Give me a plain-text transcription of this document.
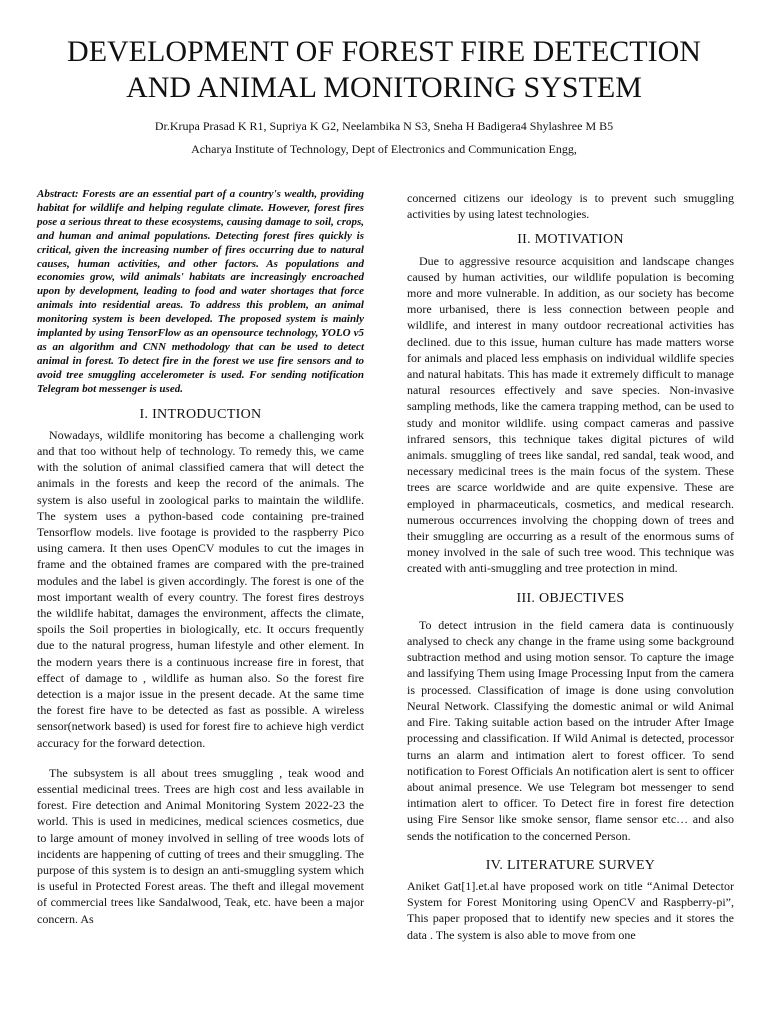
DEVELOPMENT OF FOREST FIRE DETECTION
AND ANIMAL MONITORING SYSTEM
Dr.Krupa Prasad K R1, Supriya K G2, Neelambika N S3, Sneha H Badigera4 Shylashree M B5
Acharya Institute of Technology, Dept of Electronics and Communication Engg,

Abstract: Forests are an essential part of a country's wealth, providing habitat for wildlife and helping regulate climate. However, forest fires pose a serious threat to these ecosystems, causing damage to soil, crops, and human and animal populations. Detecting forest fires quickly is critical, given the increasing number of fires occurring due to natural causes, human activities, and other factors. As populations and economies grow, wild animals' habitats are increasingly encroached upon by development, leading to food and water shortages that force animals into residential areas. To address this problem, an animal monitoring system is been developed. The proposed system is mainly implanted by using TensorFlow as an opensource technology, YOLO v5 as an algorithm and CNN methodology that can be used to detect animal in forest. To detect fire in the forest we use fire sensors and to avoid tree smuggling accelerometer is used. For sending notification Telegram bot messenger is used.

I. INTRODUCTION

Nowadays, wildlife monitoring has become a challenging work and that too without help of technology. To remedy this, we came with the solution of animal classified camera that will detect the animals in the forests and keep the record of the animals. The system is also useful in zoological parks to maintain the wildlife. The system uses a python-based code containing pre-trained Tensorflow models. live footage is provided to the raspberry Pico using camera. It then uses OpenCV modules to cut the images in frame and the obtained frames are compared with the pre-trained modules and the label is given accordingly. The forest is one of the most important wealth of every country. The forest fires destroys the wildlife habitat, damages the environment, affects the climate, spoils the Soil properties in biologically, etc. It occurs frequently due to the natural progress, human lifestyle and other element. In the modern years there is a continuous increase fire in forest, that effect of damage to , wildlife as human also. So the forest fire detection is a major issue in the present decade. At the same time the forest fire have to be detected as fast as possible. A wireless sensor(network based) is used for forest fire to achieve high verdict accuracy for the forward detection.

The subsystem is all about trees smuggling , teak wood and essential medicinal trees. Trees are high cost and less available in forest. Fire detection and Animal Monitoring System 2022-23 the world. This is used in medicines, medical sciences cosmetics, due to large amount of money involved in selling of tree woods lots of incidents are happening of cutting of trees and their smuggling. The purpose of this system is to design an anti-smuggling system which is useful in Protected Forest areas. The theft and illegal movement of commercial trees like Sandalwood, Teak, etc. have been a major concern. As

concerned citizens our ideology is to prevent such smuggling activities by using latest technologies.

II. MOTIVATION

Due to aggressive resource acquisition and landscape changes caused by human activities, our wildlife population is becoming more and more vulnerable. In addition, as our society has become more urbanised, there is less connection between people and wildlife, and interest in many outdoor recreational activities has declined. due to this issue, human culture has made matters worse for animals and placed less emphasis on individual wildlife species and natural habitats. This has made it extremely difficult to manage natural resources effectively and save species. Non-invasive sampling methods, like the camera trapping method, can be used to study and monitor wildlife. using compact cameras and passive infrared sensors, this technique takes digital pictures of wild animals. smuggling of trees like sandal, red sandal, teak wood, and necessary medicinal trees is the main focus of the system. These trees are scarce worldwide and are quite expensive. These are employed in pharmaceuticals, cosmetics, and medical research. numerous occurrences involving the chopping down of trees and their smuggling are occurring as a result of the enormous sums of money involved in the sale of such tree wood. This technique was created with anti-smuggling and tree protection in mind.

III. OBJECTIVES

To detect intrusion in the field camera data is continuously analysed to check any change in the frame using some background subtraction method and using motion sensor. To capture the image and lassifying Them using Image Processing Input from the camera is processed. Classification of image is done using convolution Neural Network. Classifying the domestic animal or wild Animal and Fire. Taking suitable action based on the intruder After Image processing and classification. If Wild Animal is detected, processor turns an alarm and intimation alert to forest officer. To send notification to Forest Officials An notification alert is sent to officer about animal presence. We use Telegram bot messenger to send intimation alert to officer. To Detect fire in forest fire detection using Fire Sensor like smoke sensor, flame sensor etc… and also sends the notification to the concerned Person.

IV. LITERATURE SURVEY

Aniket Gat[1].et.al have proposed work on title “Animal Detector System for Forest Monitoring using OpenCV and Raspberry-pi”, This paper proposed that to identify new species and it stores the data . The system is also able to move from one
